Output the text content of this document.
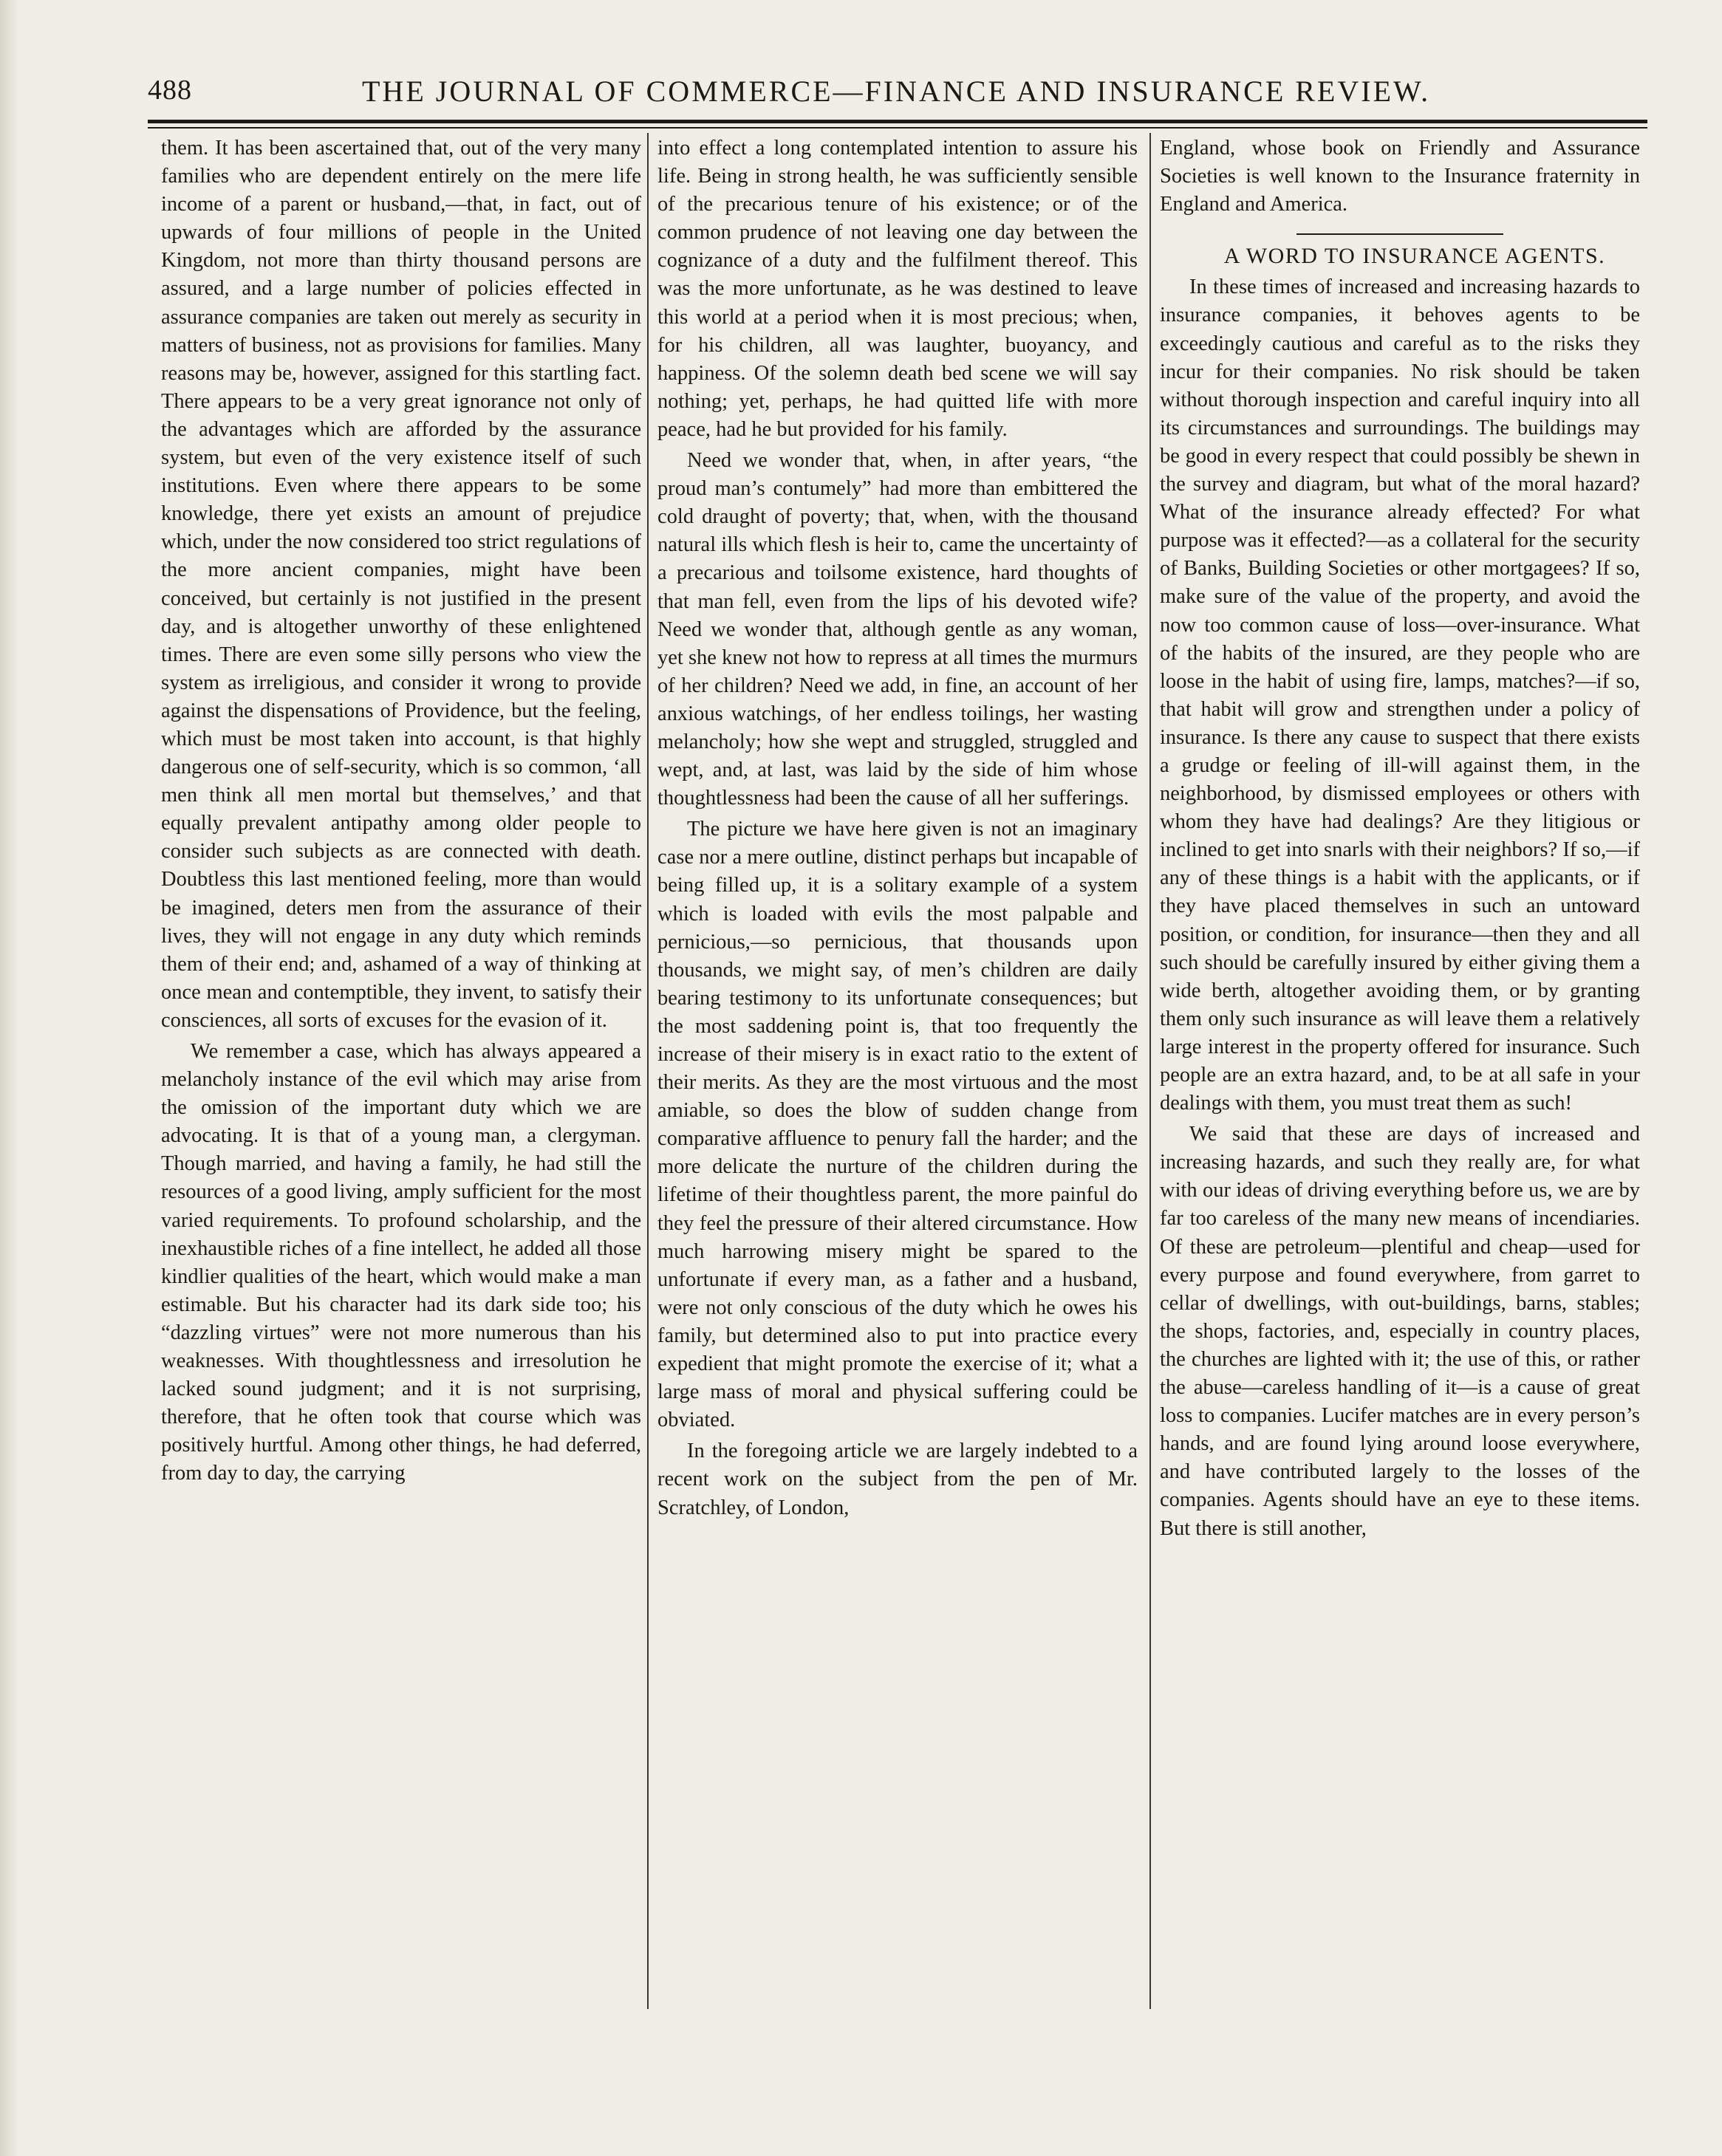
488	THE JOURNAL OF COMMERCE—FINANCE AND INSURANCE REVIEW.

them. It has been ascertained that, out of the very many families who are dependent entirely on the mere life income of a parent or husband,—that, in fact, out of upwards of four millions of people in the United Kingdom, not more than thirty thousand persons are assured, and a large number of policies effected in assurance companies are taken out merely as security in matters of business, not as provisions for families. Many reasons may be, however, assigned for this startling fact. There appears to be a very great ignorance not only of the advantages which are afforded by the assurance system, but even of the very existence itself of such institutions. Even where there appears to be some knowledge, there yet exists an amount of prejudice which, under the now considered too strict regulations of the more ancient companies, might have been conceived, but certainly is not justified in the present day, and is altogether unworthy of these enlightened times. There are even some silly persons who view the system as irreligious, and consider it wrong to provide against the dispensations of Providence, but the feeling, which must be most taken into account, is that highly dangerous one of self-security, which is so common, ‘all men think all men mortal but themselves,’ and that equally prevalent antipathy among older people to consider such subjects as are connected with death. Doubtless this last mentioned feeling, more than would be imagined, deters men from the assurance of their lives, they will not engage in any duty which reminds them of their end; and, ashamed of a way of thinking at once mean and contemptible, they invent, to satisfy their consciences, all sorts of excuses for the evasion of it.

We remember a case, which has always appeared a melancholy instance of the evil which may arise from the omission of the important duty which we are advocating. It is that of a young man, a clergyman. Though married, and having a family, he had still the resources of a good living, amply sufficient for the most varied requirements. To profound scholarship, and the inexhaustible riches of a fine intellect, he added all those kindlier qualities of the heart, which would make a man estimable. But his character had its dark side too; his “dazzling virtues” were not more numerous than his weaknesses. With thoughtlessness and irresolution he lacked sound judgment; and it is not surprising, therefore, that he often took that course which was positively hurtful. Among other things, he had deferred, from day to day, the carrying

into effect a long contemplated intention to assure his life. Being in strong health, he was sufficiently sensible of the precarious tenure of his existence; or of the common prudence of not leaving one day between the cognizance of a duty and the fulfilment thereof. This was the more unfortunate, as he was destined to leave this world at a period when it is most precious; when, for his children, all was laughter, buoyancy, and happiness. Of the solemn death bed scene we will say nothing; yet, perhaps, he had quitted life with more peace, had he but provided for his family.

Need we wonder that, when, in after years, “the proud man’s contumely” had more than embittered the cold draught of poverty; that, when, with the thousand natural ills which flesh is heir to, came the uncertainty of a precarious and toilsome existence, hard thoughts of that man fell, even from the lips of his devoted wife? Need we wonder that, although gentle as any woman, yet she knew not how to repress at all times the murmurs of her children? Need we add, in fine, an account of her anxious watchings, of her endless toilings, her wasting melancholy; how she wept and struggled, struggled and wept, and, at last, was laid by the side of him whose thoughtlessness had been the cause of all her sufferings.

The picture we have here given is not an imaginary case nor a mere outline, distinct perhaps but incapable of being filled up, it is a solitary example of a system which is loaded with evils the most palpable and pernicious,—so pernicious, that thousands upon thousands, we might say, of men’s children are daily bearing testimony to its unfortunate consequences; but the most saddening point is, that too frequently the increase of their misery is in exact ratio to the extent of their merits. As they are the most virtuous and the most amiable, so does the blow of sudden change from comparative affluence to penury fall the harder; and the more delicate the nurture of the children during the lifetime of their thoughtless parent, the more painful do they feel the pressure of their altered circumstance. How much harrowing misery might be spared to the unfortunate if every man, as a father and a husband, were not only conscious of the duty which he owes his family, but determined also to put into practice every expedient that might promote the exercise of it; what a large mass of moral and physical suffering could be obviated.

In the foregoing article we are largely indebted to a recent work on the subject from the pen of Mr. Scratchley, of London,

England, whose book on Friendly and Assurance Societies is well known to the Insurance fraternity in England and America.

A WORD TO INSURANCE AGENTS.

In these times of increased and increasing hazards to insurance companies, it behoves agents to be exceedingly cautious and careful as to the risks they incur for their companies. No risk should be taken without thorough inspection and careful inquiry into all its circumstances and surroundings. The buildings may be good in every respect that could possibly be shewn in the survey and diagram, but what of the moral hazard? What of the insurance already effected? For what purpose was it effected?—as a collateral for the security of Banks, Building Societies or other mortgagees? If so, make sure of the value of the property, and avoid the now too common cause of loss—over-insurance. What of the habits of the insured, are they people who are loose in the habit of using fire, lamps, matches?—if so, that habit will grow and strengthen under a policy of insurance. Is there any cause to suspect that there exists a grudge or feeling of ill-will against them, in the neighborhood, by dismissed employees or others with whom they have had dealings? Are they litigious or inclined to get into snarls with their neighbors? If so,—if any of these things is a habit with the applicants, or if they have placed themselves in such an untoward position, or condition, for insurance—then they and all such should be carefully insured by either giving them a wide berth, altogether avoiding them, or by granting them only such insurance as will leave them a relatively large interest in the property offered for insurance. Such people are an extra hazard, and, to be at all safe in your dealings with them, you must treat them as such!

We said that these are days of increased and increasing hazards, and such they really are, for what with our ideas of driving everything before us, we are by far too careless of the many new means of incendiaries. Of these are petroleum—plentiful and cheap—used for every purpose and found everywhere, from garret to cellar of dwellings, with out-buildings, barns, stables; the shops, factories, and, especially in country places, the churches are lighted with it; the use of this, or rather the abuse—careless handling of it—is a cause of great loss to companies. Lucifer matches are in every person’s hands, and are found lying around loose everywhere, and have contributed largely to the losses of the companies. Agents should have an eye to these items. But there is still another,
